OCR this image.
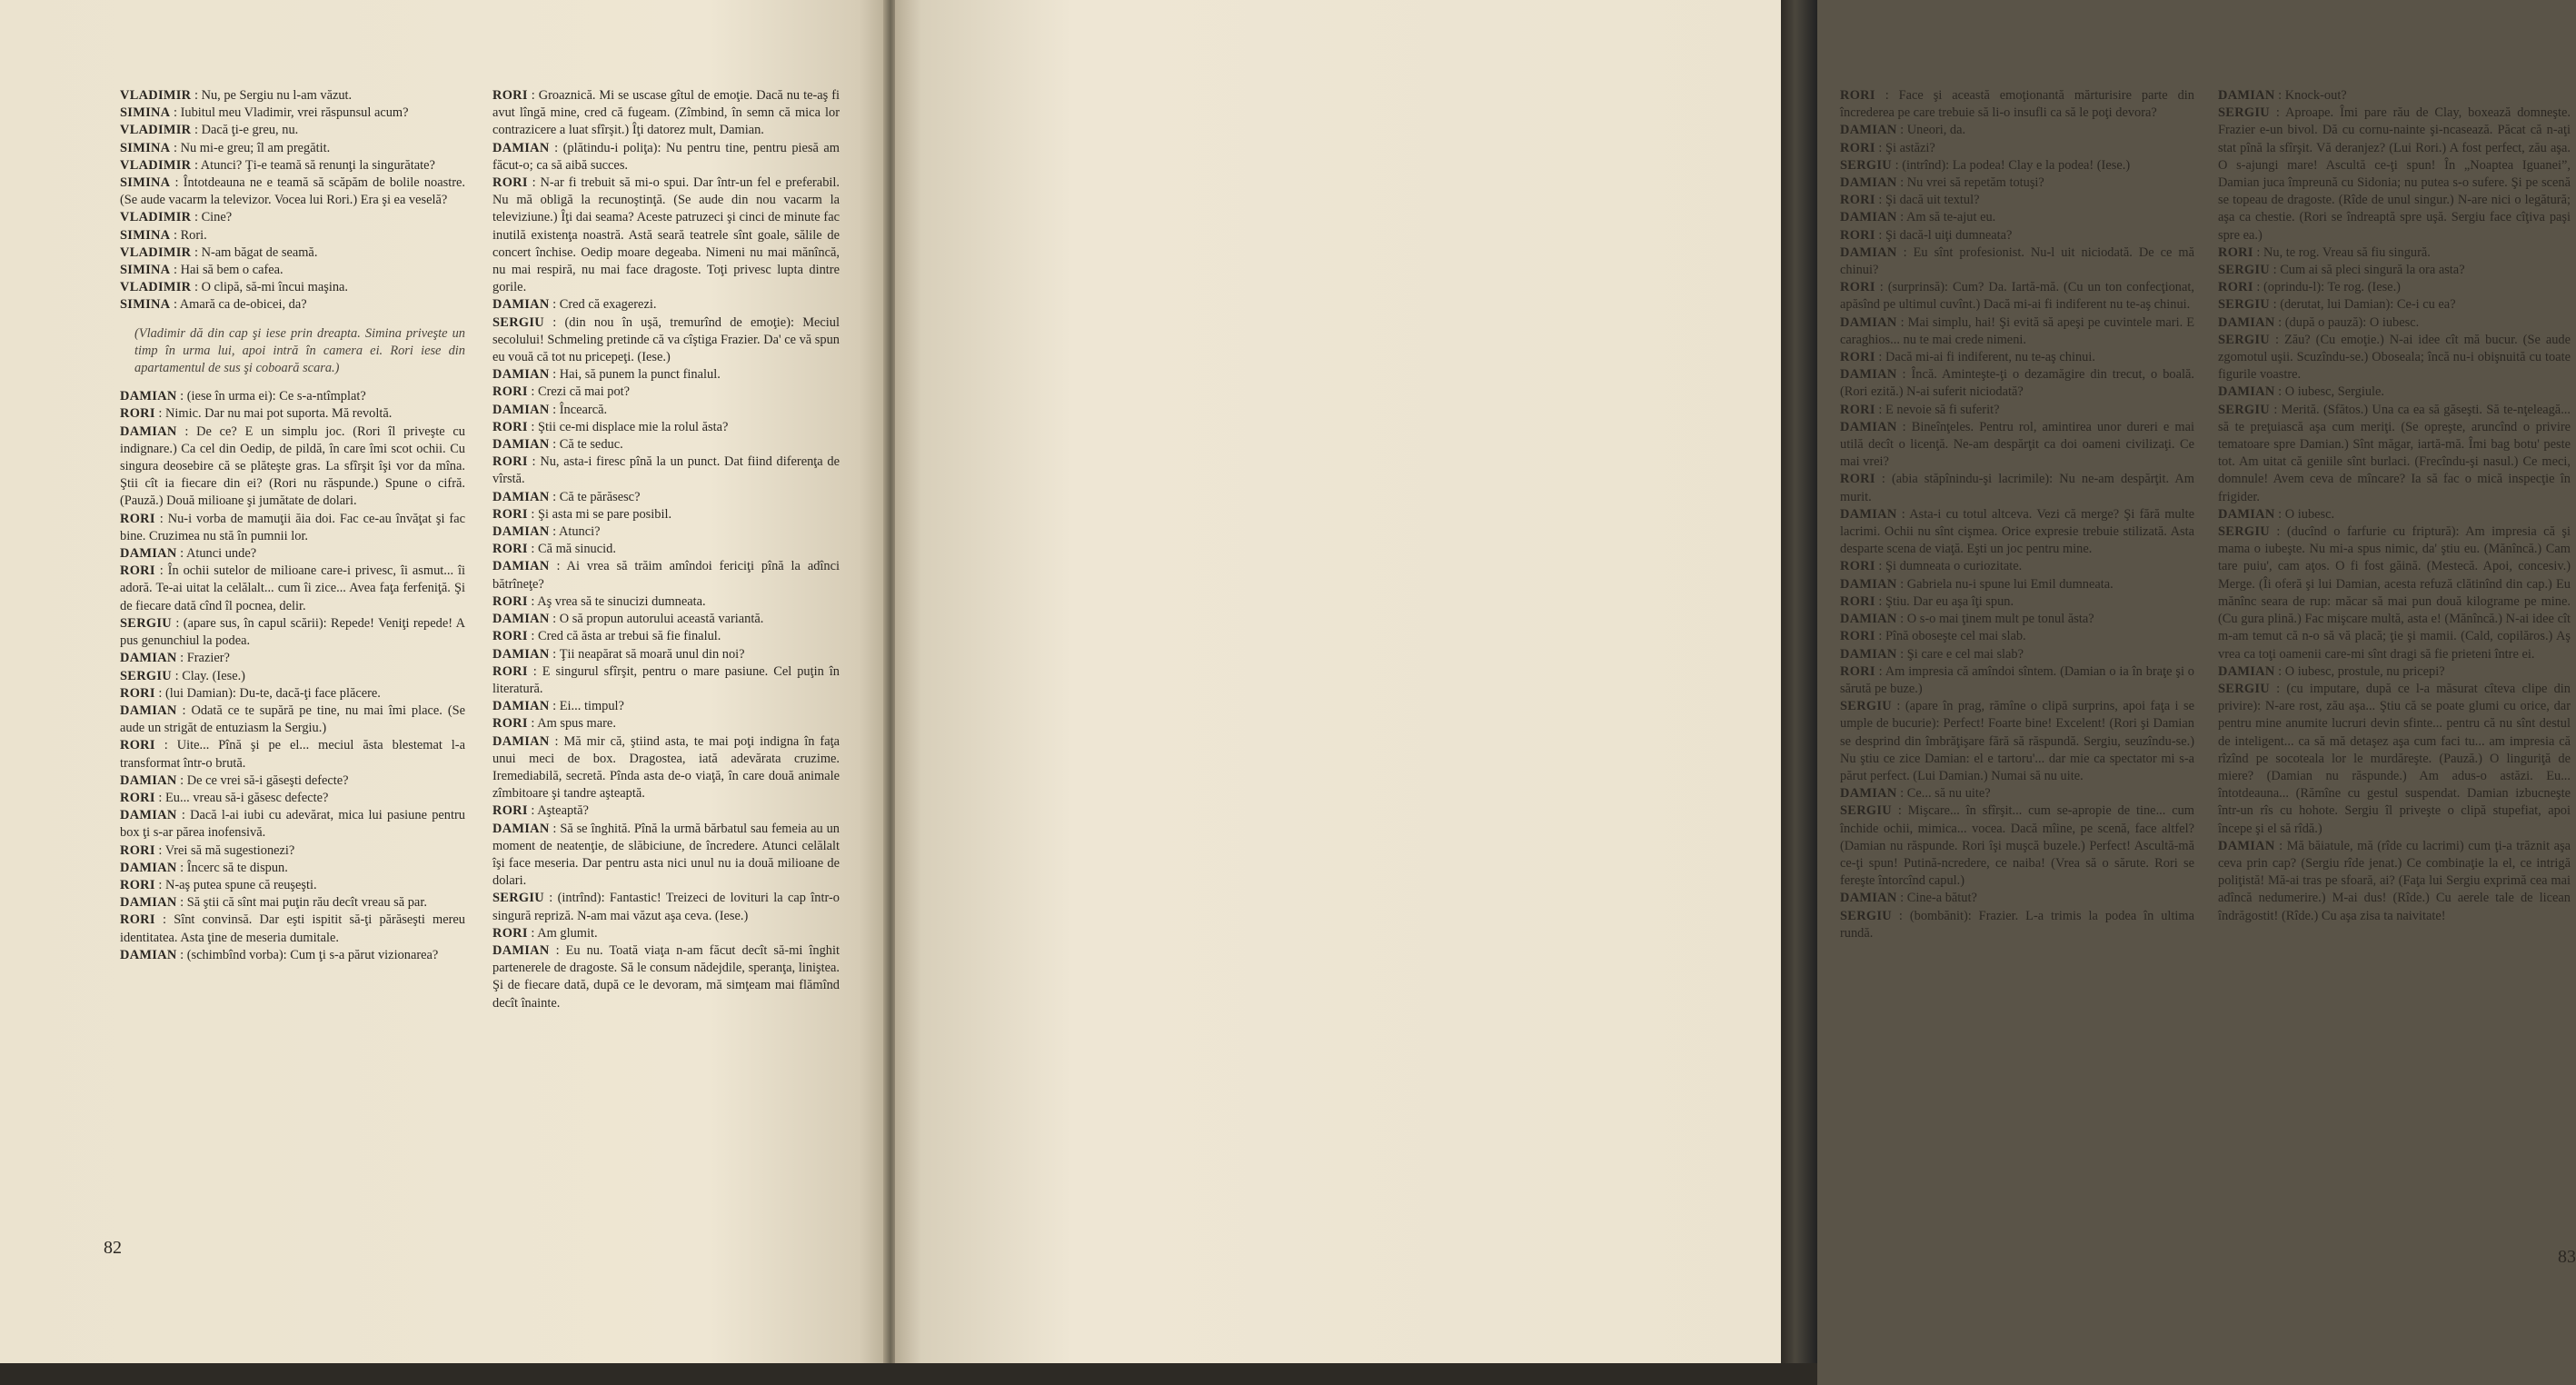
VLADIMIR : Nu, pe Sergiu nu l-am văzut.

SIMINA : Iubitul meu Vladimir, vrei răspunsul acum?

VLADIMIR : Dacă ţi-e greu, nu.

SIMINA : Nu mi-e greu; îl am pregătit.

VLADIMIR : Atunci? Ţi-e teamă să renunţi la singurătate?

SIMINA : Întotdeauna ne e teamă să scăpăm de bolile noastre. (Se aude vacarm la televizor. Vocea lui Rori.) Era şi ea veselă?

VLADIMIR : Cine?

SIMINA : Rori.

VLADIMIR : N-am băgat de seamă.

SIMINA : Hai să bem o cafea.

VLADIMIR : O clipă, să-mi încui maşina.

SIMINA : Amară ca de-obicei, da?

(Vladimir dă din cap şi iese prin dreapta. Simina priveşte un timp în urma lui, apoi intră în camera ei. Rori iese din apartamentul de sus şi coboară scara.)

DAMIAN : (iese în urma ei): Ce s-a-ntîmplat?

RORI : Nimic. Dar nu mai pot suporta. Mă revoltă.

DAMIAN : De ce? E un simplu joc. (Rori îl priveşte cu indignare.) Ca cel din Oedip, de pildă, în care îmi scot ochii. Cu singura deosebire că se plăteşte gras. La sfîrşit îşi vor da mîna. Ştii cît ia fiecare din ei? (Rori nu răspunde.) Spune o cifră. (Pauză.) Două milioane şi jumătate de dolari.

RORI : Nu-i vorba de mamuţii ăia doi. Fac ce-au învăţat şi fac bine. Cruzimea nu stă în pumnii lor.

DAMIAN : Atunci unde?

RORI : În ochii sutelor de milioane care-i privesc, îi asmut... îi adoră. Te-ai uitat la celălalt... cum îi zice... Avea faţa ferfeniţă. Şi de fiecare dată cînd îl pocnea, delir.

SERGIU : (apare sus, în capul scării): Repede! Veniţi repede! A pus genunchiul la podea.

DAMIAN : Frazier?

SERGIU : Clay. (Iese.)

RORI : (lui Damian): Du-te, dacă-ţi face plăcere.

DAMIAN : Odată ce te supără pe tine, nu mai îmi place. (Se aude un strigăt de entuziasm la Sergiu.)

RORI : Uite... Pînă şi pe el... meciul ăsta blestemat l-a transformat într-o brută.

DAMIAN : De ce vrei să-i găseşti defecte?

RORI : Eu... vreau să-i găsesc defecte?

DAMIAN : Dacă l-ai iubi cu adevărat, mica lui pasiune pentru box ţi s-ar părea inofensivă.

RORI : Vrei să mă sugestionezi?

DAMIAN : Încerc să te dispun.

RORI : N-aş putea spune că reuşeşti.

DAMIAN : Să ştii că sînt mai puţin rău decît vreau să par.

RORI : Sînt convinsă. Dar eşti ispitit să-ţi părăseşti mereu identitatea. Asta ţine de meseria dumitale.

DAMIAN : (schimbînd vorba): Cum ţi s-a părut vizionarea?

RORI : Groaznică. Mi se uscase gîtul de emoţie. Dacă nu te-aş fi avut lîngă mine, cred că fugeam. (Zîmbind, în semn că mica lor contrazicere a luat sfîrşit.) Îţi datorez mult, Damian.

DAMIAN : (plătindu-i poliţa): Nu pentru tine, pentru piesă am făcut-o; ca să aibă succes.

RORI : N-ar fi trebuit să mi-o spui. Dar într-un fel e preferabil. Nu mă obligă la recunoştinţă. (Se aude din nou vacarm la televiziune.) Îţi dai seama? Aceste patruzeci şi cinci de minute fac inutilă existenţa noastră. Astă seară teatrele sînt goale, sălile de concert închise. Oedip moare degeaba. Nimeni nu mai mănîncă, nu mai respiră, nu mai face dragoste. Toţi privesc lupta dintre gorile.

DAMIAN : Cred că exagerezi.

SERGIU : (din nou în uşă, tremurînd de emoţie): Meciul secolului! Schmeling pretinde că va cîştiga Frazier. Da' ce vă spun eu vouă că tot nu pricepeţi. (Iese.)

DAMIAN : Hai, să punem la punct finalul.

RORI : Crezi că mai pot?

DAMIAN : Încearcă.

RORI : Ştii ce-mi displace mie la rolul ăsta?

DAMIAN : Că te seduc.

RORI : Nu, asta-i firesc pînă la un punct. Dat fiind diferenţa de vîrstă.

DAMIAN : Că te părăsesc?

RORI : Şi asta mi se pare posibil.

DAMIAN : Atunci?

RORI : Că mă sinucid.

DAMIAN : Ai vrea să trăim amîndoi fericiţi pînă la adînci bătrîneţe?

RORI : Aş vrea să te sinucizi dumneata.

DAMIAN : O să propun autorului această variantă.

RORI : Cred că ăsta ar trebui să fie finalul.

DAMIAN : Ţii neapărat să moară unul din noi?

RORI : E singurul sfîrşit, pentru o mare pasiune. Cel puţin în literatură.

DAMIAN : Ei... timpul?

RORI : Am spus mare.

DAMIAN : Mă mir că, ştiind asta, te mai poţi indigna în faţa unui meci de box. Dragostea, iată adevărata cruzime. Iremediabilă, secretă. Pînda asta de-o viaţă, în care două animale zîmbitoare şi tandre aşteaptă.

RORI : Aşteaptă?

DAMIAN : Să se înghită. Pînă la urmă bărbatul sau femeia au un moment de neatenţie, de slăbiciune, de încredere. Atunci celălalt îşi face meseria. Dar pentru asta nici unul nu ia două milioane de dolari.

SERGIU : (intrînd): Fantastic! Treizeci de lovituri la cap într-o singură repriză. N-am mai văzut aşa ceva. (Iese.)

RORI : Am glumit.

DAMIAN : Eu nu. Toată viaţa n-am făcut decît să-mi înghit partenerele de dragoste. Să le consum nădejdile, speranţa, liniştea. Şi de fiecare dată, după ce le devoram, mă simţeam mai flămînd decît înainte.

82

RORI : Face şi această emoţionantă mărturisire parte din încrederea pe care trebuie să li-o insufli ca să le poţi devora?

DAMIAN : Uneori, da.

RORI : Şi astăzi?

SERGIU : (intrînd): La podea! Clay e la podea! (Iese.)

DAMIAN : Nu vrei să repetăm totuşi?

RORI : Şi dacă uit textul?

DAMIAN : Am să te-ajut eu.

RORI : Şi dacă-l uiţi dumneata?

DAMIAN : Eu sînt profesionist. Nu-l uit niciodată. De ce mă chinui?

RORI : (surprinsă): Cum? Da. Iartă-mă. (Cu un ton confecţionat, apăsînd pe ultimul cuvînt.) Dacă mi-ai fi indiferent nu te-aş chinui.

DAMIAN : Mai simplu, hai! Şi evită să apeşi pe cuvintele mari. E caraghios... nu te mai crede nimeni.

RORI : Dacă mi-ai fi indiferent, nu te-aş chinui.

DAMIAN : Încă. Aminteşte-ţi o dezamăgire din trecut, o boală. (Rori ezită.) N-ai suferit niciodată?

RORI : E nevoie să fi suferit?

DAMIAN : Bineînţeles. Pentru rol, amintirea unor dureri e mai utilă decît o licenţă. Ne-am despărţit ca doi oameni civilizaţi. Ce mai vrei?

RORI : (abia stăpînindu-şi lacrimile): Nu ne-am despărţit. Am murit.

DAMIAN : Asta-i cu totul altceva. Vezi că merge? Şi fără multe lacrimi. Ochii nu sînt cişmea. Orice expresie trebuie stilizată. Asta desparte scena de viaţă. Eşti un joc pentru mine.

RORI : Şi dumneata o curiozitate.

DAMIAN : Gabriela nu-i spune lui Emil dumneata.

RORI : Ştiu. Dar eu aşa îţi spun.

DAMIAN : O s-o mai ţinem mult pe tonul ăsta?

RORI : Pînă oboseşte cel mai slab.

DAMIAN : Şi care e cel mai slab?

RORI : Am impresia că amîndoi sîntem. (Damian o ia în braţe şi o sărută pe buze.)

SERGIU : (apare în prag, rămîne o clipă surprins, apoi faţa i se umple de bucurie): Perfect! Foarte bine! Excelent! (Rori şi Damian se desprind din îmbrăţişare fără să răspundă. Sergiu, seuzîndu-se.) Nu ştiu ce zice Damian: el e tartoru'... dar mie ca spectator mi s-a părut perfect. (Lui Damian.) Numai să nu uite.

DAMIAN : Ce... să nu uite?

SERGIU : Mişcare... în sfîrşit... cum se-apropie de tine... cum închide ochii, mimica... vocea. Dacă mîine, pe scenă, face altfel? (Damian nu răspunde. Rori îşi muşcă buzele.) Perfect! Ascultă-mă ce-ţi spun! Putină-ncredere, ce naiba! (Vrea să o sărute. Rori se fereşte întorcînd capul.)

DAMIAN : Cine-a bătut?

SERGIU : (bombănit): Frazier. L-a trimis la podea în ultima rundă.

DAMIAN : Knock-out?

SERGIU : Aproape. Îmi pare rău de Clay, boxează domneşte. Frazier e-un bivol. Dă cu cornu-nainte şi-ncasează. Păcat că n-aţi stat pînă la sfîrşit. Vă deranjez? (Lui Rori.) A fost perfect, zău aşa. O s-ajungi mare! Ascultă ce-ţi spun! În „Noaptea Iguanei”, Damian juca împreună cu Sidonia; nu putea s-o sufere. Şi pe scenă se topeau de dragoste. (Rîde de unul singur.) N-are nici o legătură; aşa ca chestie. (Rori se îndreaptă spre uşă. Sergiu face cîţiva paşi spre ea.)

RORI : Nu, te rog. Vreau să fiu singură.

SERGIU : Cum ai să pleci singură la ora asta?

RORI : (oprindu-l): Te rog. (Iese.)

SERGIU : (derutat, lui Damian): Ce-i cu ea?

DAMIAN : (după o pauză): O iubesc.

SERGIU : Zău? (Cu emoţie.) N-ai idee cît mă bucur. (Se aude zgomotul uşii. Scuzîndu-se.) Oboseala; încă nu-i obişnuită cu toate figurile voastre.

DAMIAN : O iubesc, Sergiule.

SERGIU : Merită. (Sfătos.) Una ca ea să găseşti. Să te-nţeleagă... să te preţuiască aşa cum meriţi. (Se opreşte, aruncînd o privire tematoare spre Damian.) Sînt măgar, iartă-mă. Îmi bag botu' peste tot. Am uitat că geniile sînt burlaci. (Frecîndu-şi nasul.) Ce meci, domnule! Avem ceva de mîncare? Ia să fac o mică inspecţie în frigider.

DAMIAN : O iubesc.

SERGIU : (ducînd o farfurie cu friptură): Am impresia că şi mama o iubeşte. Nu mi-a spus nimic, da' ştiu eu. (Mănîncă.) Cam tare puiu', cam aţos. O fi fost găină. (Mestecă. Apoi, concesiv.) Merge. (Îi oferă şi lui Damian, acesta refuză clătinînd din cap.) Eu mănînc seara de rup: măcar să mai pun două kilograme pe mine. (Cu gura plină.) Fac mişcare multă, asta e! (Mănîncă.) N-ai idee cît m-am temut că n-o să vă placă; ţie şi mamii. (Cald, copilăros.) Aş vrea ca toţi oamenii care-mi sînt dragi să fie prieteni între ei.

DAMIAN : O iubesc, prostule, nu pricepi?

SERGIU : (cu imputare, după ce l-a măsurat cîteva clipe din privire): N-are rost, zău aşa... Ştiu că se poate glumi cu orice, dar pentru mine anumite lucruri devin sfinte... pentru că nu sînt destul de inteligent... ca să mă detaşez aşa cum faci tu... am impresia că rîzînd pe socoteala lor le murdăreşte. (Pauză.) O linguriţă de miere? (Damian nu răspunde.) Am adus-o astăzi. Eu... întotdeauna... (Rămîne cu gestul suspendat. Damian izbucneşte într-un rîs cu hohote. Sergiu îl priveşte o clipă stupefiat, apoi începe şi el să rîdă.)

DAMIAN : Mă băiatule, mă (rîde cu lacrimi) cum ţi-a trăznit aşa ceva prin cap? (Sergiu rîde jenat.) Ce combinaţie la el, ce intrigă poliţistă! Mă-ai tras pe sfoară, ai? (Faţa lui Sergiu exprimă cea mai adîncă nedumerire.) M-ai dus! (Rîde.) Cu aerele tale de licean îndrăgostit! (Rîde.) Cu aşa zisa ta naivitate!

83
